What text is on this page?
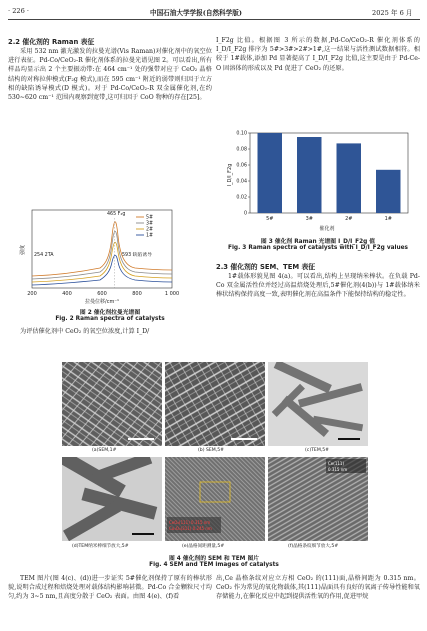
· 226 ·	中国石油大学学报(自然科学版)	2025 年 6 月
2.2 催化剂的 Raman 表征
采用 532 nm 激光激发的拉曼光谱(Vis Raman)对催化剂中的氧空位进行表征。Pd-Co/CeO₂-R 催化剂体系的拉曼光谱见图 2。可以看出,所有样品均显示出 2 个主要振动带:在 464 cm⁻¹ 处的强带对应于 CeO₂ 晶格结构的对称拉伸模式(F₂g 模式),而在 595 cm⁻¹ 附近的弱带则归因于立方相的缺陷诱导模式(D 模式)。对于 Pd-Co/CeO₂-R 双金属催化剂,在约 530~620 cm⁻¹ 范围内观察到宽带,这可归因于 CoO 物种的存在[25]。
200	400	600	800	1 000
拉曼位移/cm⁻¹
强度
465 F₂g
254 2TA	593 缺陷诱导
5#
3#
2#
1#
图 2 催化剂拉曼光谱图
Fig. 2 Raman spectra of catalysts
为评估催化剂中 CeO₂ 的氧空位浓度,计算 I_D/
I_F2g 比值。根据图 3 所示的数据,Pd-Co/CeO₂-R 催化剂体系的 I_D/I_F2g 排序为 5#>3#>2#>1#,这一结果与活性测试数据相符。相较于 1#载体,添加 Pd 显著提高了 I_D/I_F2g 比值,这主要是由于 Pd-Ce-O 固溶体的形成以及 Pd 促进了 CeO₂ 的还原。
0
0.02
0.04
0.06
0.08
0.10
5#	3#	2#	1#
催化剂
I_D/I_F2g
图 3 催化剂 Raman 光谱图 I_D/I_F2g 值
Fig. 3 Raman spectra of catalysts with I_D/I_F2g values
2.3 催化剂的 SEM、TEM 表征
1#载体形貌见图 4(a)。可以看出,结构上呈现纳米棒状。在负载 Pd-Co 双金属活性位并经过高温焙烧处理后,5#催化剂(4(b))与 1#载体纳米棒状结构保持高度一致,表明催化剂在高温条件下能保持结构的稳定性。
(a)SEM,1#	(b) SEM,5#	(c)TEM,5#
(d)TEM纳米棒细节放大,5#
CeO₂(111) 0.315 nm
Co₃O₄(311) 0.245 nm
(e)晶格间距测量,5#
Ce(111)
0.315 nm
(f)晶格条纹细节放大,5#
图 4 催化剂的 SEM 和 TEM 图片
Fig. 4 SEM and TEM images of catalysts
TEM 图片(图 4(c)、(d))进一步证实 5#催化剂保持了原有的棒状形貌,说明合成过程和焙烧处理对载体结构影响甚微。Pd-Co 合金颗粒尺寸均匀,约为 3~5 nm,且高度分散于 CeO₂ 表面。由图 4(e)、(f)看
出,Ce 晶格条纹对应立方相 CeO₂ 的(111)面,晶格间距为 0.315 nm。CeO₂ 作为常见的氧化物载体,其(111)晶面具有良好的氧离子传导性能和氧存储能力,在催化反应中起到提供活性氧的作用,促进甲烷
